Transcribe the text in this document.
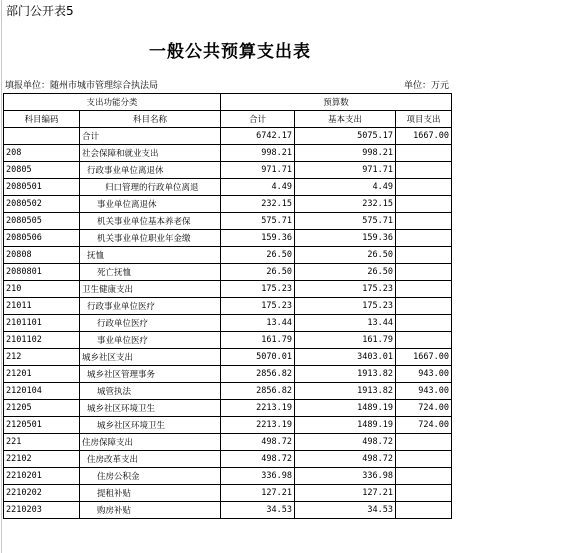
部门公开表5
一般公共预算支出表
填报单位：随州市城市管理综合执法局	单位：万元
支出功能分类		预算数		
科目编码	科目名称	合计	基本支出	项目支出
	合计	6742.17	5075.17	1667.00
208	社会保障和就业支出	998.21	998.21	
20805	行政事业单位离退休	971.71	971.71	
2080501	归口管理的行政单位离退	4.49	4.49	
2080502	事业单位离退休	232.15	232.15	
2080505	机关事业单位基本养老保	575.71	575.71	
2080506	机关事业单位职业年金缴	159.36	159.36	
20808	抚恤	26.50	26.50	
2080801	死亡抚恤	26.50	26.50	
210	卫生健康支出	175.23	175.23	
21011	行政事业单位医疗	175.23	175.23	
2101101	行政单位医疗	13.44	13.44	
2101102	事业单位医疗	161.79	161.79	
212	城乡社区支出	5070.01	3403.01	1667.00
21201	城乡社区管理事务	2856.82	1913.82	943.00
2120104	城管执法	2856.82	1913.82	943.00
21205	城乡社区环境卫生	2213.19	1489.19	724.00
2120501	城乡社区环境卫生	2213.19	1489.19	724.00
221	住房保障支出	498.72	498.72	
22102	住房改革支出	498.72	498.72	
2210201	住房公积金	336.98	336.98	
2210202	提租补贴	127.21	127.21	
2210203	购房补贴	34.53	34.53	
